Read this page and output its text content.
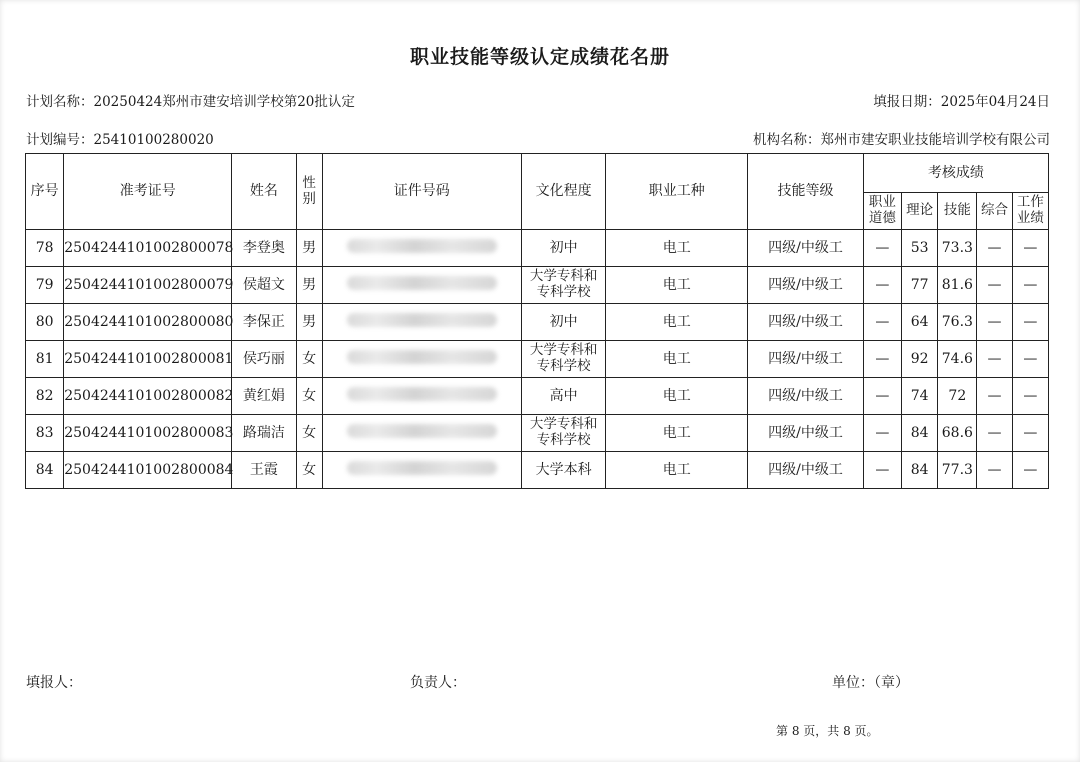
职业技能等级认定成绩花名册
计划名称：20250424郑州市建安培训学校第20批认定	填报日期：2025年04月24日
计划编号：25410100280020	机构名称：郑州市建安职业技能培训学校有限公司
序号	准考证号	姓名	性别	证件号码	文化程度	职业工种	技能等级	考核成绩				
								职业道德	理论	技能	综合	工作业绩
78	2504244101002800078	李登奥	男		初中	电工	四级/中级工	—	53	73.3	—	—
79	2504244101002800079	侯超文	男		大学专科和专科学校	电工	四级/中级工	—	77	81.6	—	—
80	2504244101002800080	李保正	男		初中	电工	四级/中级工	—	64	76.3	—	—
81	2504244101002800081	侯巧丽	女		大学专科和专科学校	电工	四级/中级工	—	92	74.6	—	—
82	2504244101002800082	黄红娟	女		高中	电工	四级/中级工	—	74	72	—	—
83	2504244101002800083	路瑞洁	女		大学专科和专科学校	电工	四级/中级工	—	84	68.6	—	—
84	2504244101002800084	王霞	女		大学本科	电工	四级/中级工	—	84	77.3	—	—
填报人：	负责人：	单位：（章）
第 8 页，共 8 页。
